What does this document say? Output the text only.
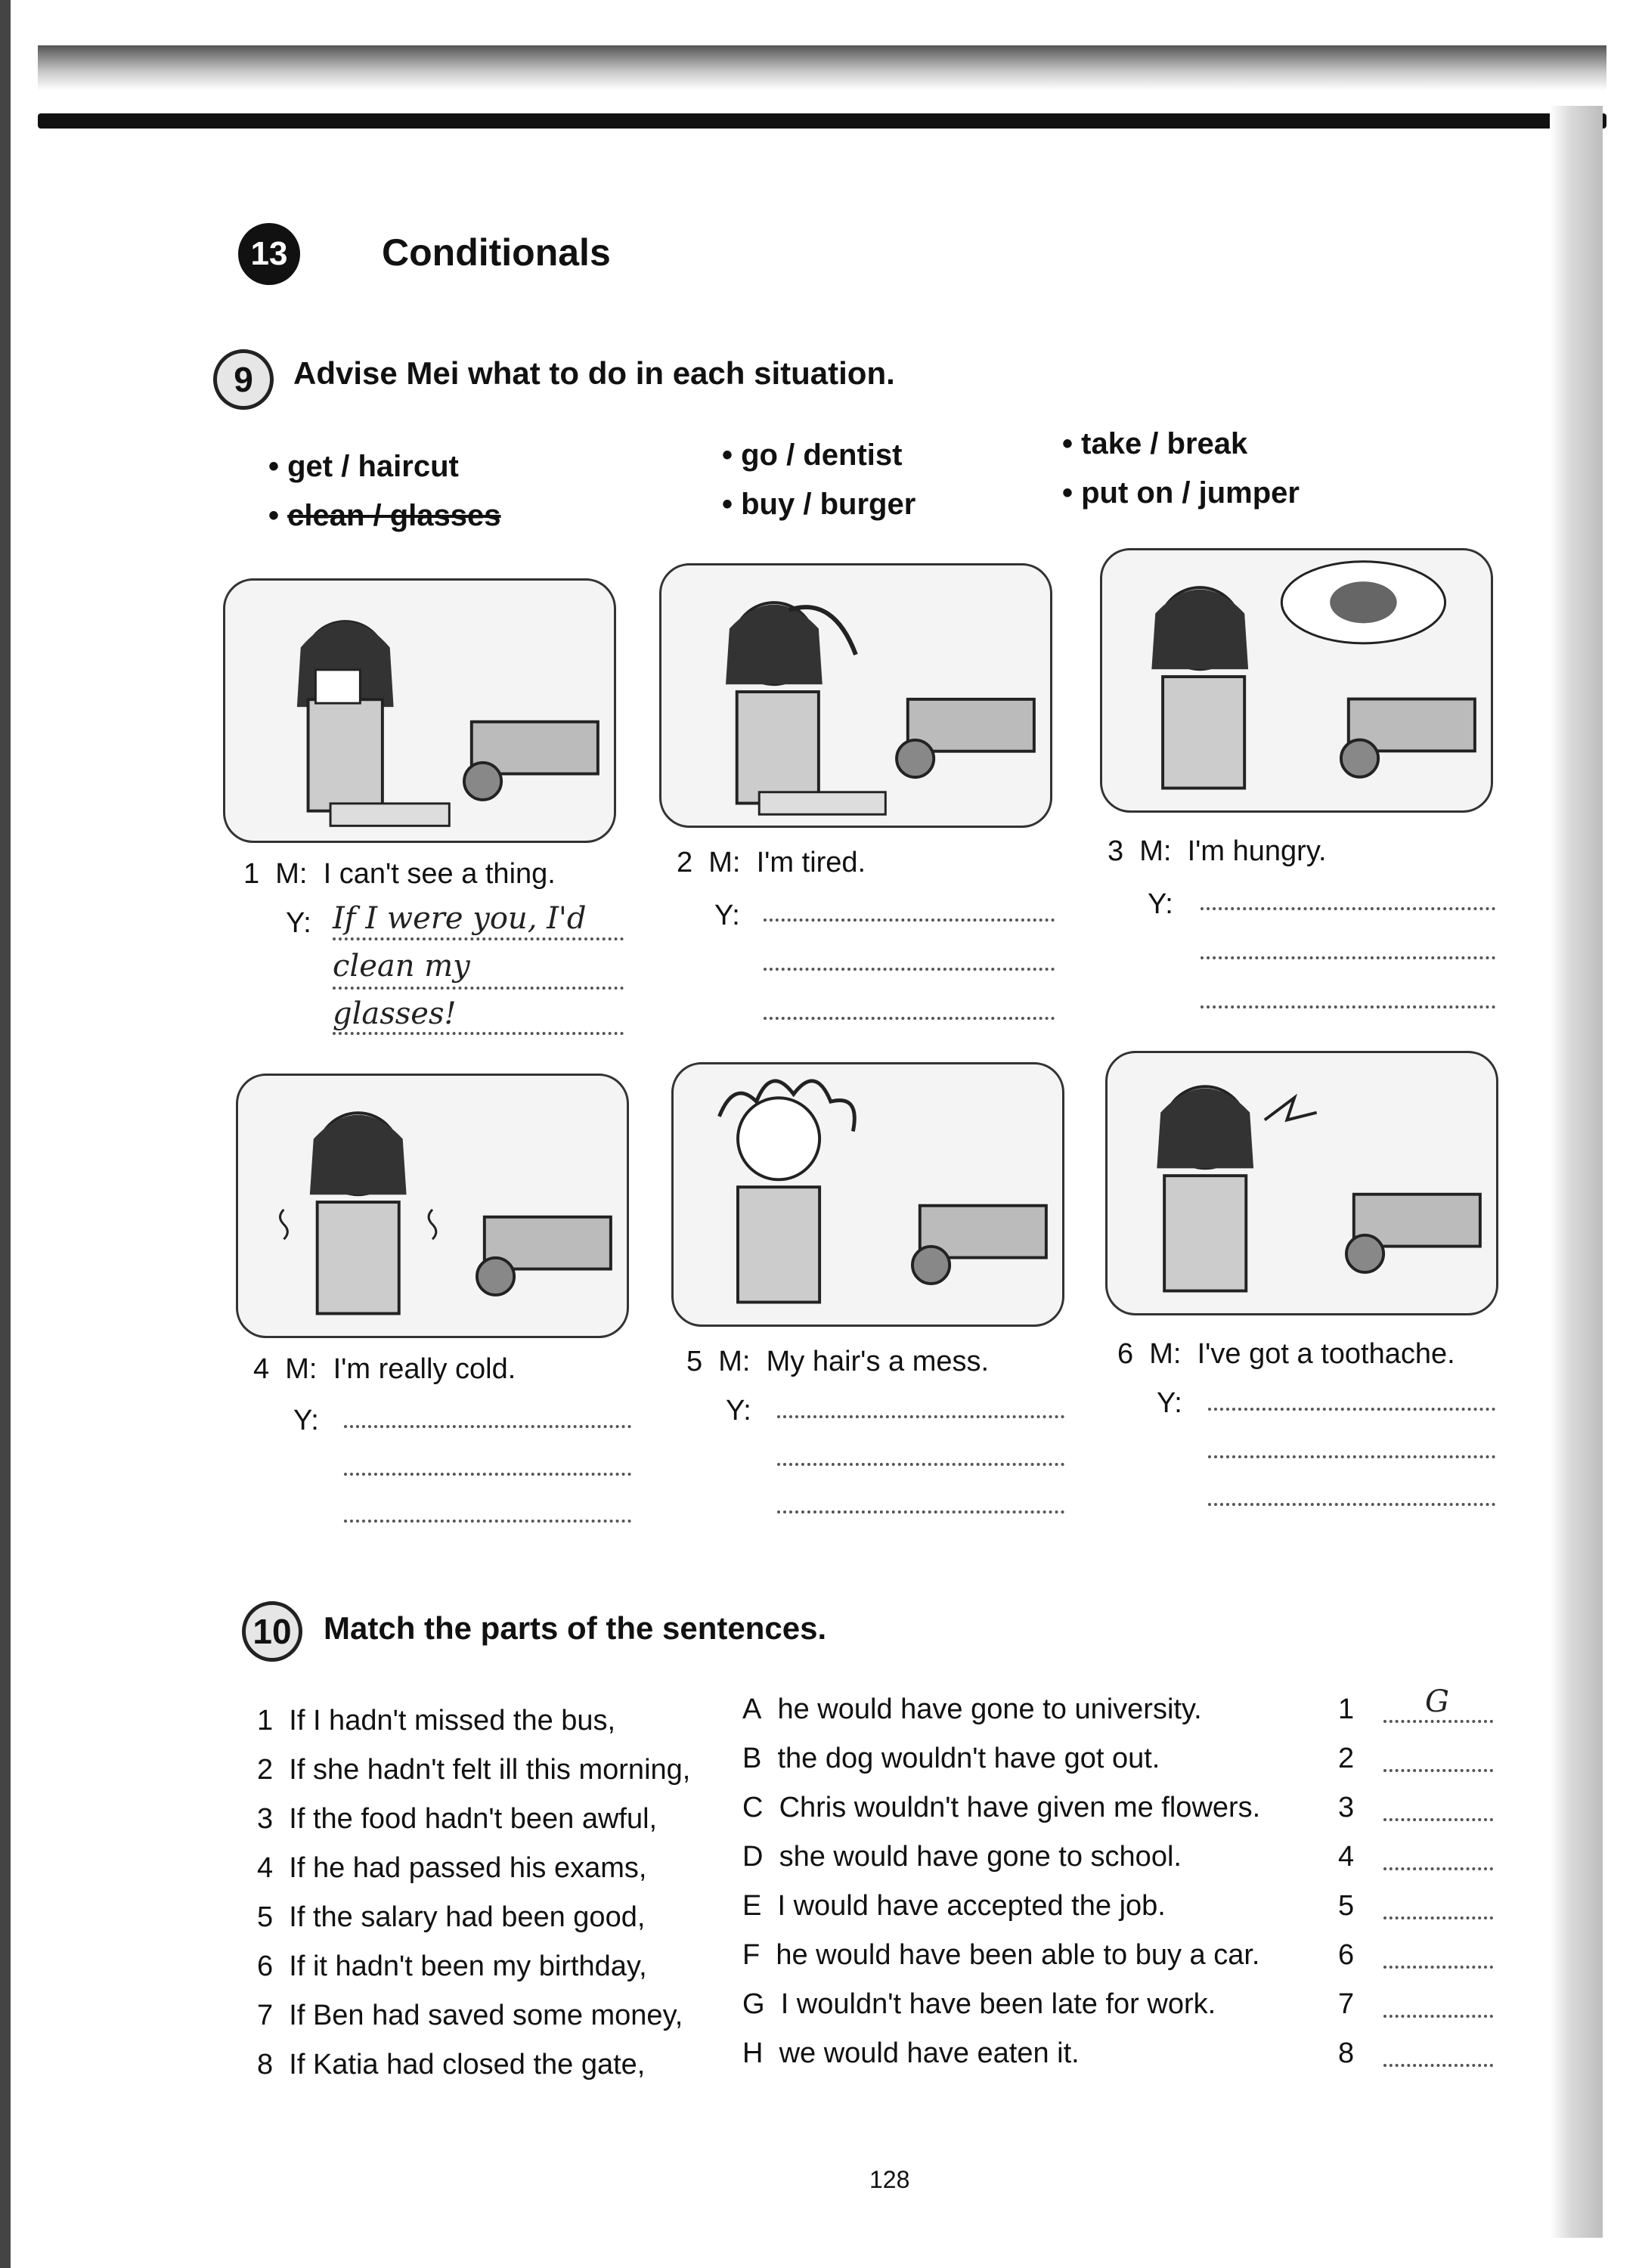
13	Conditionals
9	Advise Mei what to do in each situation.
• get / haircut
• clean / glasses
• go / dentist
• buy / burger
• take / break
• put on / jumper
1 M: I can't see a thing.
Y: If I were you, I'd
clean my
glasses!
2 M: I'm tired.
Y:
3 M: I'm hungry.
Y:
4 M: I'm really cold.
Y:
5 M: My hair's a mess.
Y:
6 M: I've got a toothache.
Y:
10	Match the parts of the sentences.
1 If I hadn't missed the bus,
2 If she hadn't felt ill this morning,
3 If the food hadn't been awful,
4 If he had passed his exams,
5 If the salary had been good,
6 If it hadn't been my birthday,
7 If Ben had saved some money,
8 If Katia had closed the gate,
A he would have gone to university.
B the dog wouldn't have got out.
C Chris wouldn't have given me flowers.
D she would have gone to school.
E I would have accepted the job.
F he would have been able to buy a car.
G I wouldn't have been late for work.
H we would have eaten it.
1 G
2
3
4
5
6
7
8
128
